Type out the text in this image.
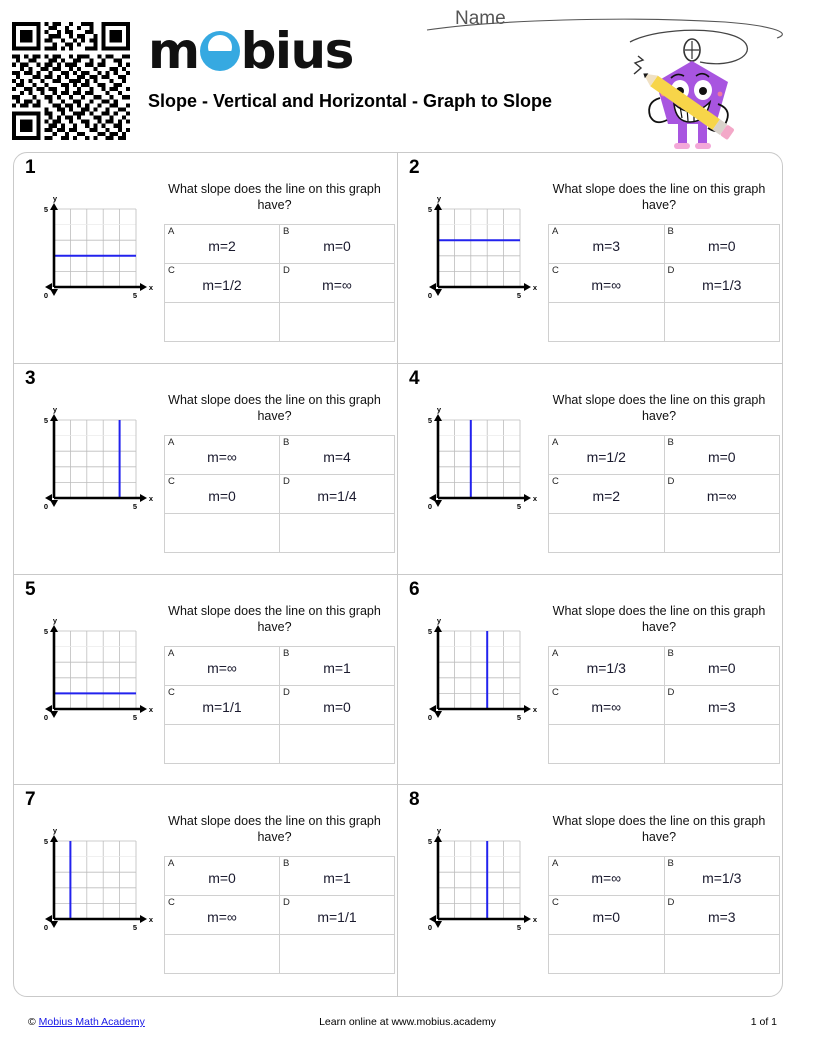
m bius
Slope - Vertical and Horizontal - Graph to Slope
Name
1
y
x
5
5
0
What slope does the line on this graph have?
A
m=2	B
m=0

C
m=1/2	D
m=∞

2
y
x
5
5
0
What slope does the line on this graph have?
A
m=3	B
m=0

C
m=∞	D
m=1/3

3
y
x
5
5
0
What slope does the line on this graph have?
A
m=∞	B
m=4

C
m=0	D
m=1/4

4
y
x
5
5
0
What slope does the line on this graph have?
A
m=1/2	B
m=0

C
m=2	D
m=∞

5
y
x
5
5
0
What slope does the line on this graph have?
A
m=∞	B
m=1

C
m=1/1	D
m=0

6
y
x
5
5
0
What slope does the line on this graph have?
A
m=1/3	B
m=0

C
m=∞	D
m=3

7
y
x
5
5
0
What slope does the line on this graph have?
A
m=0	B
m=1

C
m=∞	D
m=1/1

8
y
x
5
5
0
What slope does the line on this graph have?
A
m=∞	B
m=1/3

C
m=0	D
m=3

© Mobius Math Academy	Learn online at www.mobius.academy	1 of 1
